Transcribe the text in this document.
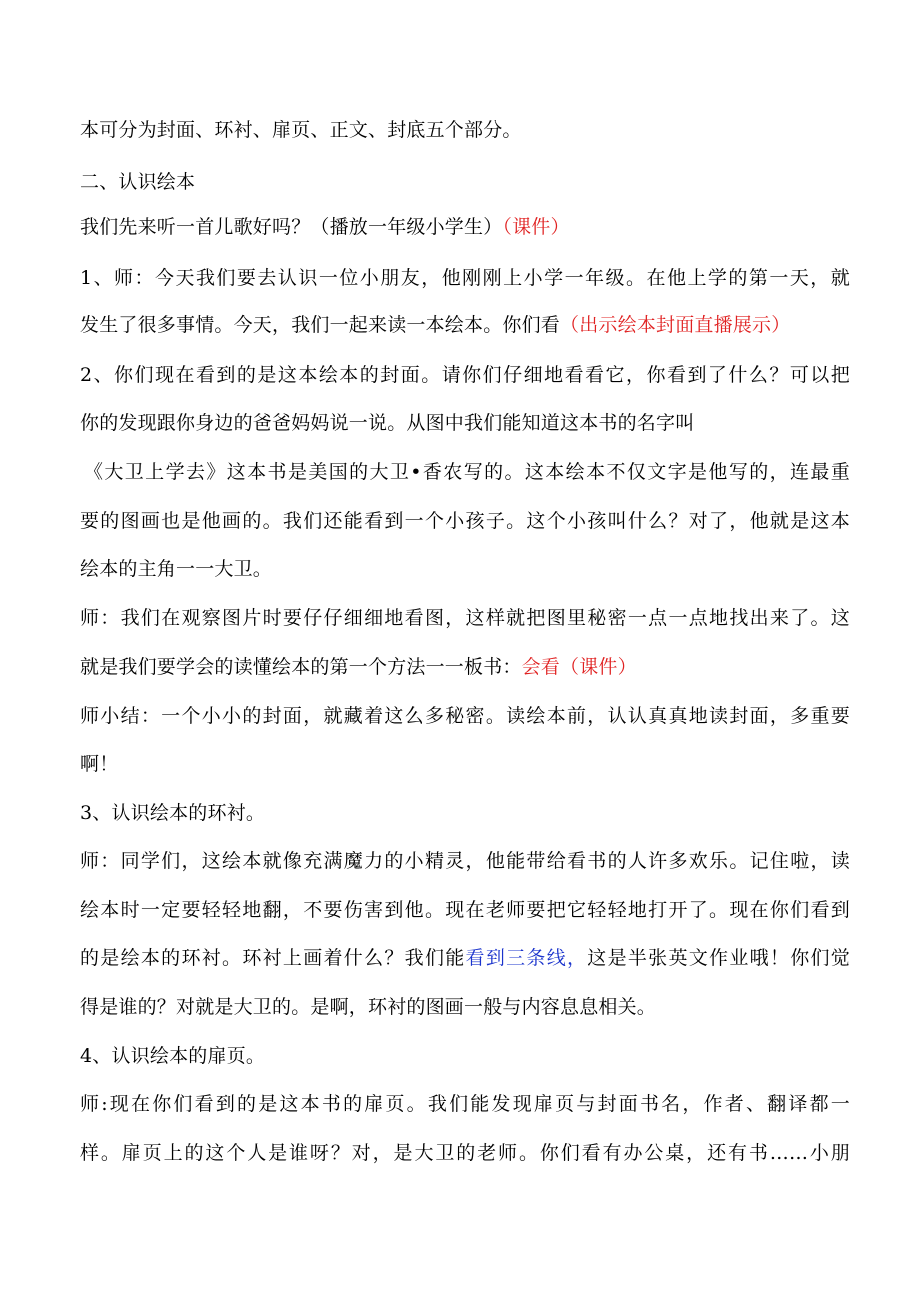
本可分为封面、环衬、扉页、正文、封底五个部分。
二、认识绘本
我们先来听一首儿歌好吗？（播放一年级小学生）（课件）
1、师：今天我们要去认识一位小朋友，他刚刚上小学一年级。在他上学的第一天，就
发生了很多事情。今天，我们一起来读一本绘本。你们看（出示绘本封面直播展示）
2、你们现在看到的是这本绘本的封面。请你们仔细地看看它，你看到了什么？可以把
你的发现跟你身边的爸爸妈妈说一说。从图中我们能知道这本书的名字叫
《大卫上学去》这本书是美国的大卫•香农写的。这本绘本不仅文字是他写的，连最重
要的图画也是他画的。我们还能看到一个小孩子。这个小孩叫什么？对了，他就是这本
绘本的主角一一大卫。
师：我们在观察图片时要仔仔细细地看图，这样就把图里秘密一点一点地找出来了。这
就是我们要学会的读懂绘本的第一个方法一一板书：会看（课件）
师小结：一个小小的封面，就藏着这么多秘密。读绘本前，认认真真地读封面，多重要
啊！
3、认识绘本的环衬。
师：同学们，这绘本就像充满魔力的小精灵，他能带给看书的人许多欢乐。记住啦，读
绘本时一定要轻轻地翻，不要伤害到他。现在老师要把它轻轻地打开了。现在你们看到
的是绘本的环衬。环衬上画着什么？我们能看到三条线，这是半张英文作业哦！你们觉
得是谁的？对就是大卫的。是啊，环衬的图画一般与内容息息相关。
4、认识绘本的扉页。
师:现在你们看到的是这本书的扉页。我们能发现扉页与封面书名，作者、翻译都一
样。扉页上的这个人是谁呀？对，是大卫的老师。你们看有办公桌，还有书……小朋
